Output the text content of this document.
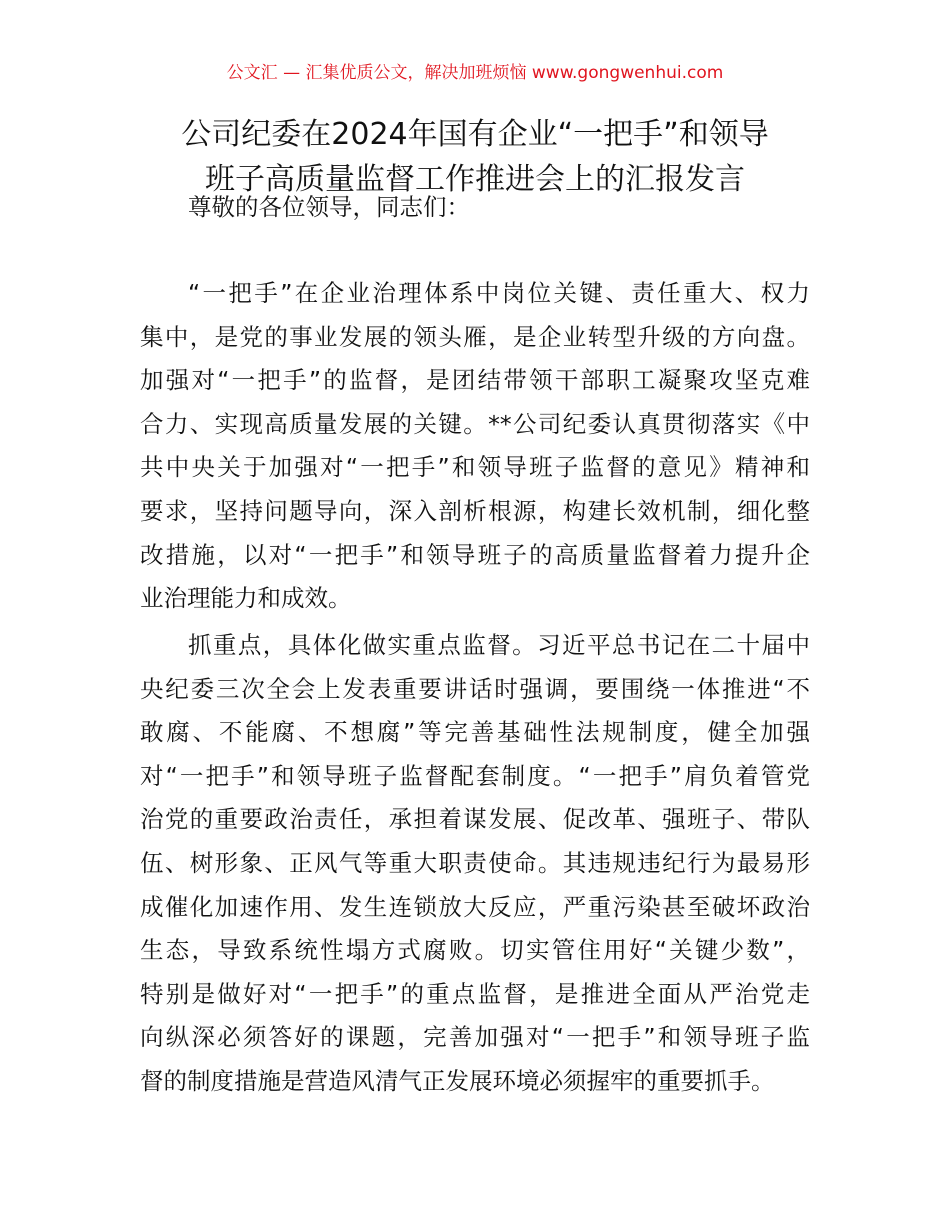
公文汇 — 汇集优质公文，解决加班烦恼 www.gongwenhui.com
公司纪委在2024年国有企业“一把手”和领导
班子高质量监督工作推进会上的汇报发言
尊敬的各位领导，同志们：
“一把手”在企业治理体系中岗位关键、责任重大、权力
集中，是党的事业发展的领头雁，是企业转型升级的方向盘。
加强对“一把手”的监督，是团结带领干部职工凝聚攻坚克难
合力、实现高质量发展的关键。**公司纪委认真贯彻落实《中
共中央关于加强对“一把手”和领导班子监督的意见》精神和
要求，坚持问题导向，深入剖析根源，构建长效机制，细化整
改措施，以对“一把手”和领导班子的高质量监督着力提升企
业治理能力和成效。
抓重点，具体化做实重点监督。习近平总书记在二十届中
央纪委三次全会上发表重要讲话时强调，要围绕一体推进“不
敢腐、不能腐、不想腐”等完善基础性法规制度，健全加强
对“一把手”和领导班子监督配套制度。“一把手”肩负着管党
治党的重要政治责任，承担着谋发展、促改革、强班子、带队
伍、树形象、正风气等重大职责使命。其违规违纪行为最易形
成催化加速作用、发生连锁放大反应，严重污染甚至破坏政治
生态，导致系统性塌方式腐败。切实管住用好“关键少数”，
特别是做好对“一把手”的重点监督，是推进全面从严治党走
向纵深必须答好的课题，完善加强对“一把手”和领导班子监
督的制度措施是营造风清气正发展环境必须握牢的重要抓手。
